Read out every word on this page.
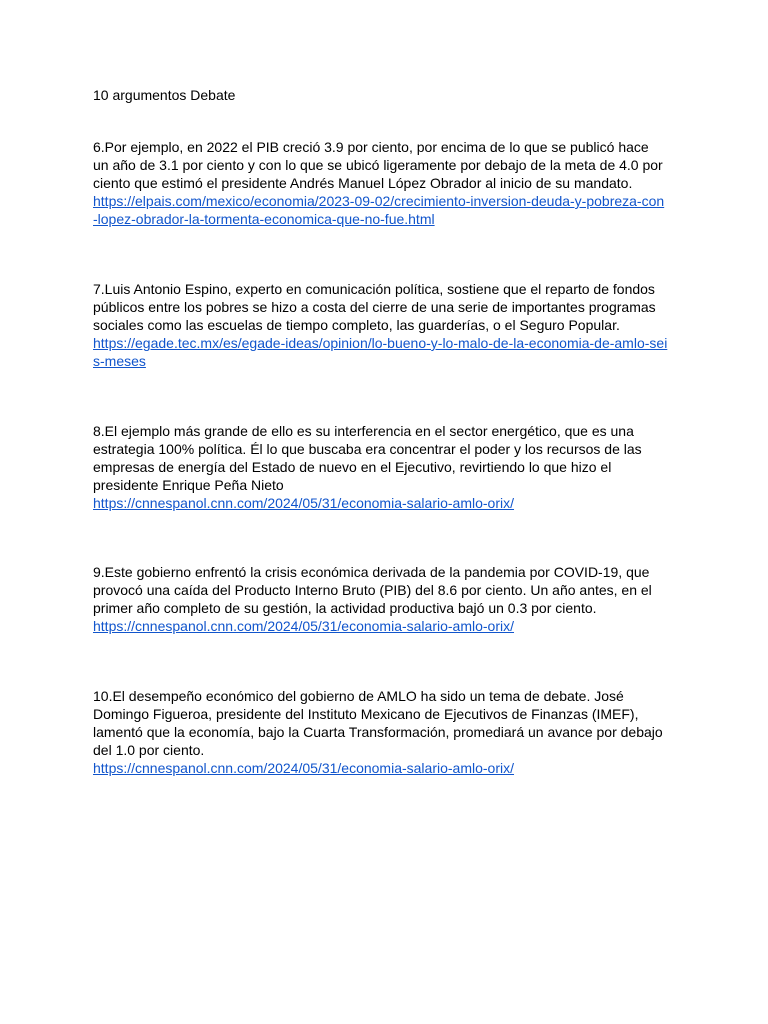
10 argumentos Debate
6.Por ejemplo, en 2022 el PIB creció 3.9 por ciento, por encima de lo que se publicó hace
un año de 3.1 por ciento y con lo que se ubicó ligeramente por debajo de la meta de 4.0 por
ciento que estimó el presidente Andrés Manuel López Obrador al inicio de su mandato.
https://elpais.com/mexico/economia/2023-09-02/crecimiento-inversion-deuda-y-pobreza-con
-lopez-obrador-la-tormenta-economica-que-no-fue.html
7.Luis Antonio Espino, experto en comunicación política, sostiene que el reparto de fondos
públicos entre los pobres se hizo a costa del cierre de una serie de importantes programas
sociales como las escuelas de tiempo completo, las guarderías, o el Seguro Popular.
https://egade.tec.mx/es/egade-ideas/opinion/lo-bueno-y-lo-malo-de-la-economia-de-amlo-sei
s-meses
8.El ejemplo más grande de ello es su interferencia en el sector energético, que es una
estrategia 100% política. Él lo que buscaba era concentrar el poder y los recursos de las
empresas de energía del Estado de nuevo en el Ejecutivo, revirtiendo lo que hizo el
presidente Enrique Peña Nieto
https://cnnespanol.cnn.com/2024/05/31/economia-salario-amlo-orix/
9.Este gobierno enfrentó la crisis económica derivada de la pandemia por COVID-19, que
provocó una caída del Producto Interno Bruto (PIB) del 8.6 por ciento. Un año antes, en el
primer año completo de su gestión, la actividad productiva bajó un 0.3 por ciento.
https://cnnespanol.cnn.com/2024/05/31/economia-salario-amlo-orix/
10.El desempeño económico del gobierno de AMLO ha sido un tema de debate. José
Domingo Figueroa, presidente del Instituto Mexicano de Ejecutivos de Finanzas (IMEF),
lamentó que la economía, bajo la Cuarta Transformación, promediará un avance por debajo
del 1.0 por ciento.
https://cnnespanol.cnn.com/2024/05/31/economia-salario-amlo-orix/
